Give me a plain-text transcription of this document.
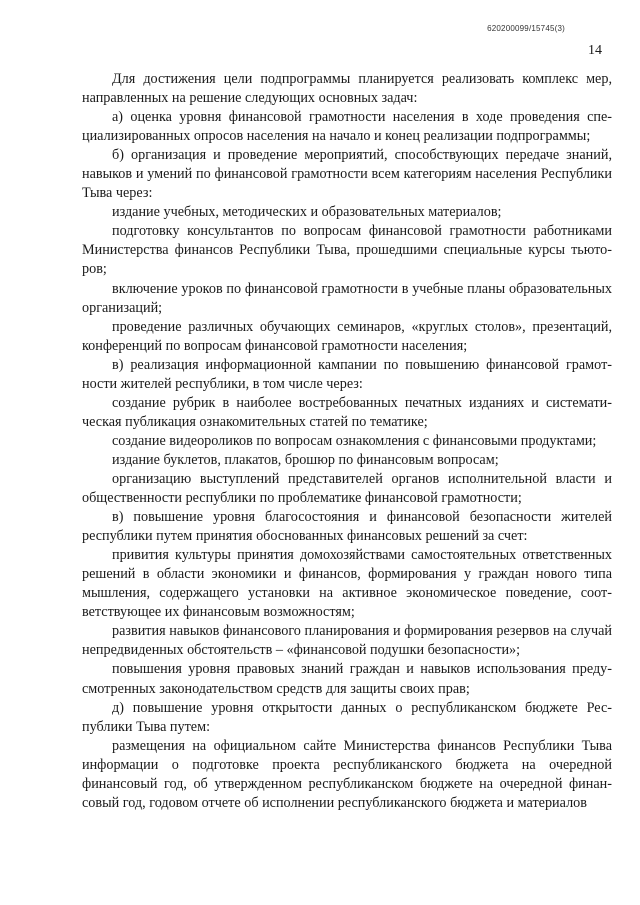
620200099/15745(3)
14

Для достижения цели подпрограммы планируется реализовать комплекс мер, направленных на решение следующих основных задач:

а) оценка уровня финансовой грамотности населения в ходе проведения специализированных опросов населения на начало и конец реализации подпрограммы;

б) организация и проведение мероприятий, способствующих передаче знаний, навыков и умений по финансовой грамотности всем категориям населения Республики Тыва через:

издание учебных, методических и образовательных материалов;

подготовку консультантов по вопросам финансовой грамотности работниками Министерства финансов Республики Тыва, прошедшими специальные курсы тьюторов;

включение уроков по финансовой грамотности в учебные планы образовательных организаций;

проведение различных обучающих семинаров, «круглых столов», презентаций, конференций по вопросам финансовой грамотности населения;

в) реализация информационной кампании по повышению финансовой грамотности жителей республики, в том числе через:

создание рубрик в наиболее востребованных печатных изданиях и систематическая публикация ознакомительных статей по тематике;

создание видеороликов по вопросам ознакомления с финансовыми продуктами;

издание буклетов, плакатов, брошюр по финансовым вопросам;

организацию выступлений представителей органов исполнительной власти и общественности республики по проблематике финансовой грамотности;

в) повышение уровня благосостояния и финансовой безопасности жителей республики путем принятия обоснованных финансовых решений за счет:

привития культуры принятия домохозяйствами самостоятельных ответственных решений в области экономики и финансов, формирования у граждан нового типа мышления, содержащего установки на активное экономическое поведение, соответствующее их финансовым возможностям;

развития навыков финансового планирования и формирования резервов на случай непредвиденных обстоятельств – «финансовой подушки безопасности»;

повышения уровня правовых знаний граждан и навыков использования предусмотренных законодательством средств для защиты своих прав;

д) повышение уровня открытости данных о республиканском бюджете Республики Тыва путем:

размещения на официальном сайте Министерства финансов Республики Тыва информации о подготовке проекта республиканского бюджета на очередной финансовый год, об утвержденном республиканском бюджете на очередной финансовый год, годовом отчете об исполнении республиканского бюджета и материалов
